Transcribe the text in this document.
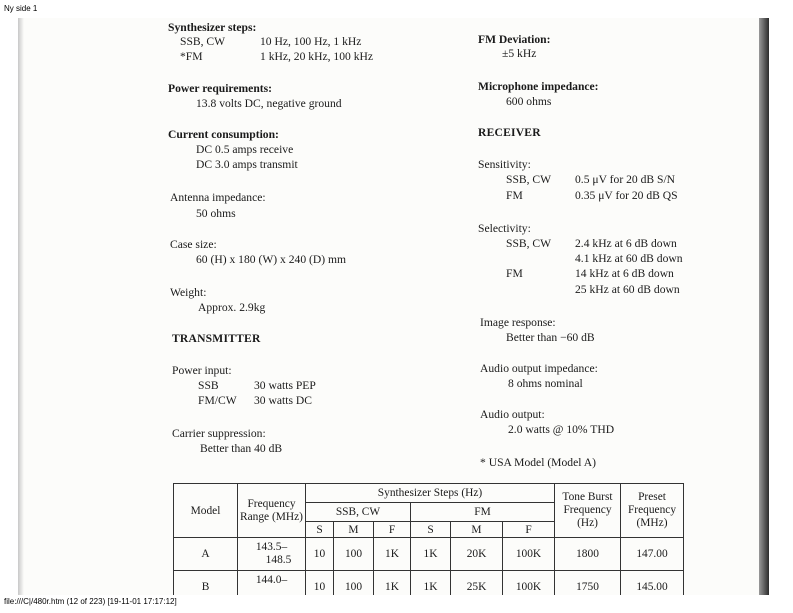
Ny side 1
Synthesizer steps:
SSB, CW	10 Hz, 100 Hz, 1 kHz
*FM	1 kHz, 20 kHz, 100 kHz
Power requirements:
13.8 volts DC, negative ground
Current consumption:
DC 0.5 amps receive
DC 3.0 amps transmit
Antenna impedance:
50 ohms
Case size:
60 (H) x 180 (W) x 240 (D) mm
Weight:
Approx. 2.9kg
TRANSMITTER
Power input:
SSB	30 watts PEP
FM/CW 30 watts DC
Carrier suppression:
Better than 40 dB
FM Deviation:
±5 kHz
Microphone impedance:
600 ohms
RECEIVER
Sensitivity:
SSB, CW 0.5 μV for 20 dB S/N
FM	0.35 μV for 20 dB QS
Selectivity:
SSB, CW 2.4 kHz at 6 dB down
4.1 kHz at 60 dB down
FM	14 kHz at 6 dB down
25 kHz at 60 dB down
Image response:
Better than −60 dB
Audio output impedance:
8 ohms nominal
Audio output:
2.0 watts @ 10% THD
* USA Model (Model A)
Model	Frequency Range (MHz)	Synthesizer Steps (Hz)						Tone Burst Frequency (Hz)	Preset Frequency (MHz)
		SSB, CW			FM				
		S	M	F	S	M	F		
A	143.5–
148.5	10	100	1K	1K	20K	100K	1800	147.00
B	144.0–	10	100	1K	1K	25K	100K	1750	145.00
file:///C|/480r.htm (12 of 223) [19-11-01 17:17:12]
